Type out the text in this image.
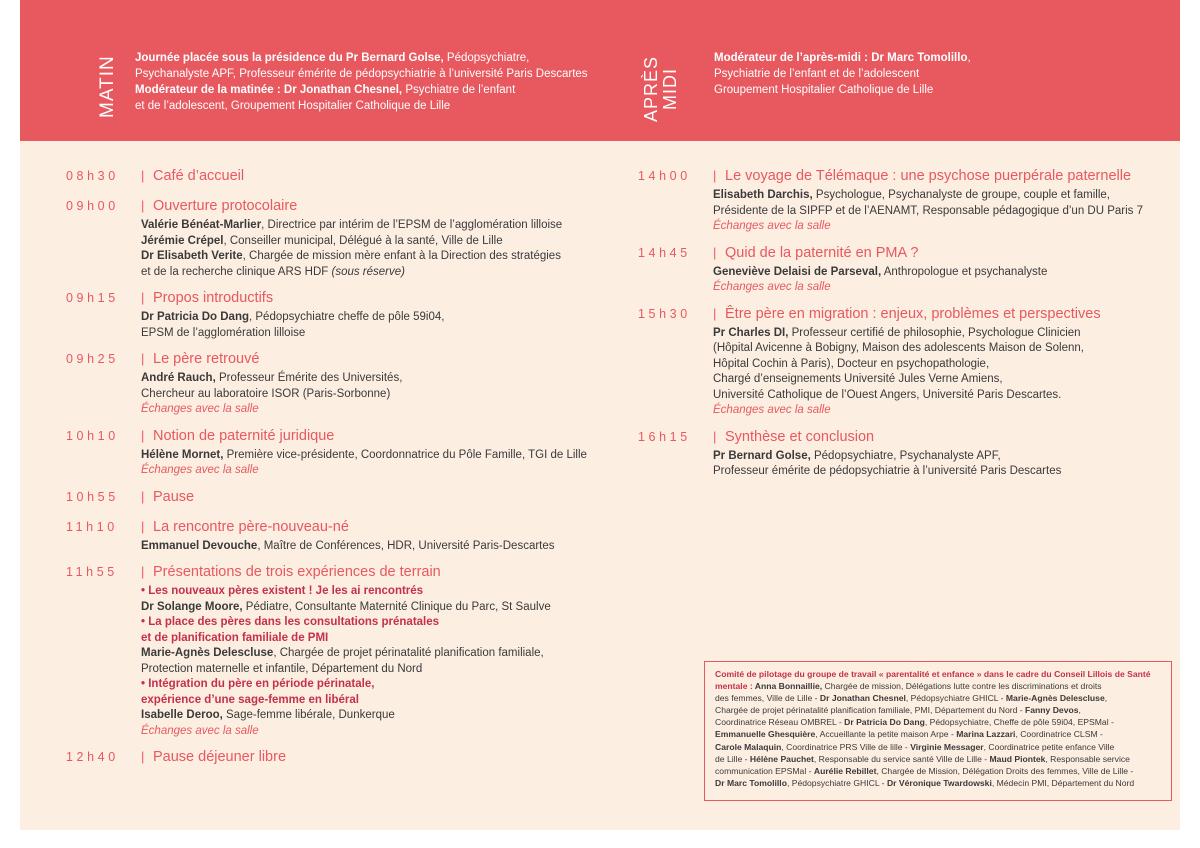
MATIN Journée placée sous la présidence du Pr Bernard Golse, Pédopsychiatre,
Psychanalyste APF, Professeur émérite de pédopsychiatrie à l’université Paris Descartes
Modérateur de la matinée : Dr Jonathan Chesnel, Psychiatre de l’enfant
et de l’adolescent, Groupement Hospitalier Catholique de Lille	APRÈS MIDI
Modérateur de l’après-midi : Dr Marc Tomolillo,
Psychiatrie de l’enfant et de l’adolescent
Groupement Hospitalier Catholique de Lille
08h30	| Café d’accueil
09h00	| Ouverture protocolaire
Valérie Bénéat-Marlier, Directrice par intérim de l’EPSM de l’agglomération lilloise
Jérémie Crépel, Conseiller municipal, Délégué à la santé, Ville de Lille
Dr Elisabeth Verite, Chargée de mission mère enfant à la Direction des stratégies
et de la recherche clinique ARS HDF (sous réserve)
09h15	| Propos introductifs
Dr Patricia Do Dang, Pédopsychiatre cheffe de pôle 59i04,
EPSM de l’agglomération lilloise
09h25	| Le père retrouvé
André Rauch, Professeur Émérite des Universités,
Chercheur au laboratoire ISOR (Paris-Sorbonne)
Échanges avec la salle
10h10	| Notion de paternité juridique
Hélène Mornet, Première vice-présidente, Coordonnatrice du Pôle Famille, TGI de Lille
Échanges avec la salle
10h55	| Pause
11h10	| La rencontre père-nouveau-né
Emmanuel Devouche, Maître de Conférences, HDR, Université Paris-Descartes
11h55	| Présentations de trois expériences de terrain
• Les nouveaux pères existent ! Je les ai rencontrés
Dr Solange Moore, Pédiatre, Consultante Maternité Clinique du Parc, St Saulve
• La place des pères dans les consultations prénatales
et de planification familiale de PMI
Marie-Agnès Delescluse, Chargée de projet périnatalité planification familiale,
Protection maternelle et infantile, Département du Nord
• Intégration du père en période périnatale,
expérience d’une sage-femme en libéral
Isabelle Deroo, Sage-femme libérale, Dunkerque
Échanges avec la salle
12h40	| Pause déjeuner libre
14h00	| Le voyage de Télémaque : une psychose puerpérale paternelle
Elisabeth Darchis, Psychologue, Psychanalyste de groupe, couple et famille,
Présidente de la SIPFP et de l’AENAMT, Responsable pédagogique d’un DU Paris 7
Échanges avec la salle
14h45	| Quid de la paternité en PMA ?
Geneviève Delaisi de Parseval, Anthropologue et psychanalyste
Échanges avec la salle
15h30	| Être père en migration : enjeux, problèmes et perspectives
Pr Charles DI, Professeur certifié de philosophie, Psychologue Clinicien
(Hôpital Avicenne à Bobigny, Maison des adolescents Maison de Solenn,
Hôpital Cochin à Paris), Docteur en psychopathologie,
Chargé d’enseignements Université Jules Verne Amiens,
Université Catholique de l’Ouest Angers, Université Paris Descartes.
Échanges avec la salle
16h15	| Synthèse et conclusion
Pr Bernard Golse, Pédopsychiatre, Psychanalyste APF,
Professeur émérite de pédopsychiatrie à l’université Paris Descartes
Comité de pilotage du groupe de travail « parentalité et enfance » dans le cadre du Conseil Lillois de Santé
mentale : Anna Bonnaillie, Chargée de mission, Délégations lutte contre les discriminations et droits
des femmes, Ville de Lille - Dr Jonathan Chesnel, Pédopsychiatre GHICL - Marie-Agnès Delescluse,
Chargée de projet périnatalité planification familiale, PMI, Département du Nord - Fanny Devos,
Coordinatrice Réseau OMBREL - Dr Patricia Do Dang, Pédopsychiatre, Cheffe de pôle 59i04, EPSMal -
Emmanuelle Ghesquière, Accueillante la petite maison Arpe - Marina Lazzari, Coordinatrice CLSM -
Carole Malaquin, Coordinatrice PRS Ville de lille - Virginie Messager, Coordinatrice petite enfance Ville
de Lille - Hélène Pauchet, Responsable du service santé Ville de Lille - Maud Piontek, Responsable service
communication EPSMal - Aurélie Rebillet, Chargée de Mission, Délégation Droits des femmes, Ville de Lille -
Dr Marc Tomolillo, Pédopsychiatre GHICL - Dr Véronique Twardowski, Médecin PMI, Département du Nord
